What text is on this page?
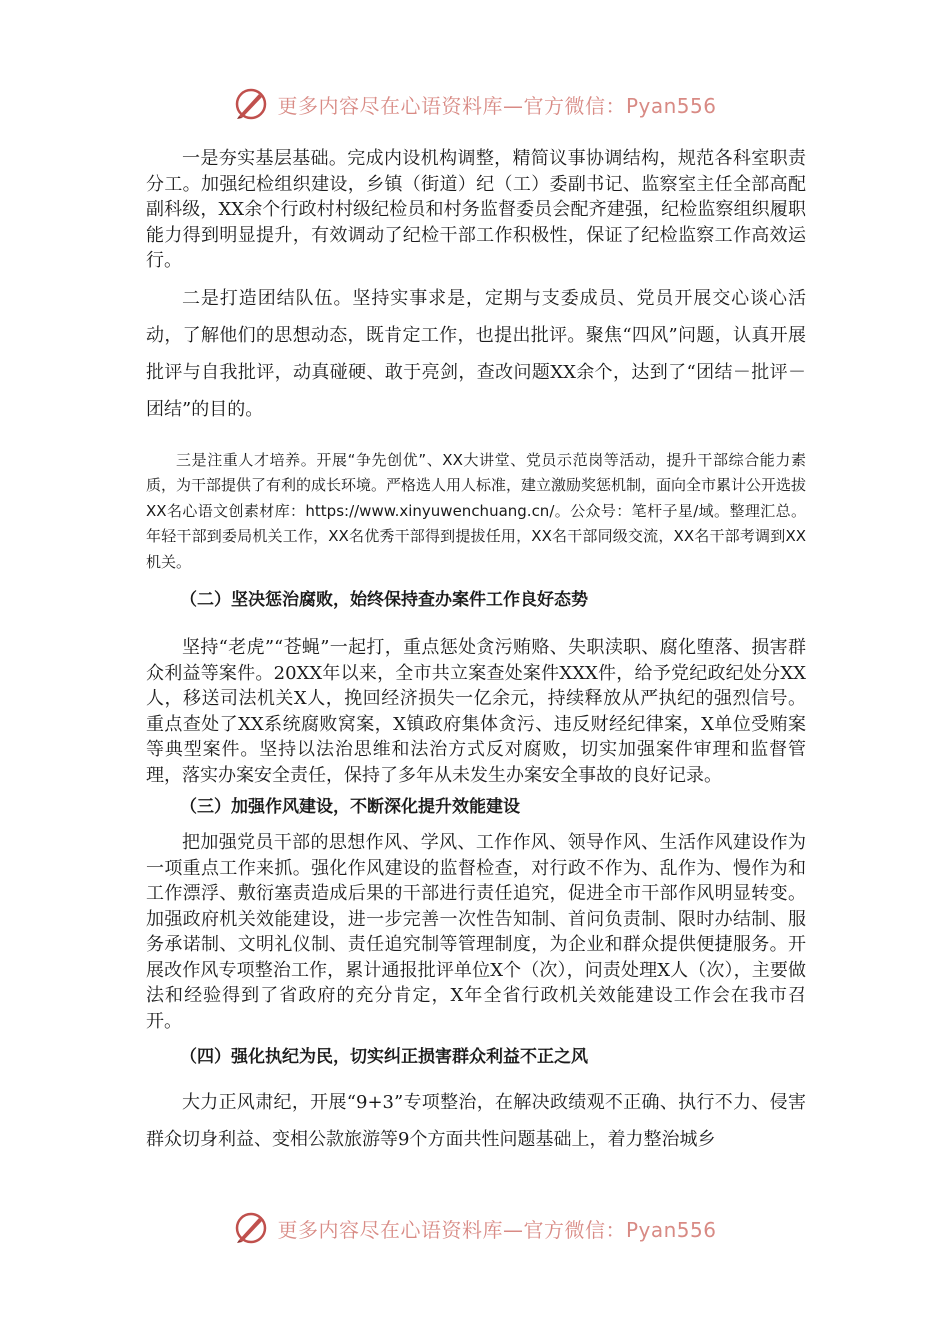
更多内容尽在心语资料库—官方微信：Pyan556

一是夯实基层基础。完成内设机构调整，精简议事协调结构，规范各科室职责分工。加强纪检组织建设，乡镇（街道）纪（工）委副书记、监察室主任全部高配副科级，XX余个行政村村级纪检员和村务监督委员会配齐建强，纪检监察组织履职能力得到明显提升，有效调动了纪检干部工作积极性，保证了纪检监察工作高效运行。

二是打造团结队伍。坚持实事求是，定期与支委成员、党员开展交心谈心活动，了解他们的思想动态，既肯定工作，也提出批评。聚焦“四风”问题，认真开展批评与自我批评，动真碰硬、敢于亮剑，查改问题XX余个，达到了“团结－批评－团结”的目的。

三是注重人才培养。开展“争先创优”、XX大讲堂、党员示范岗等活动，提升干部综合能力素质，为干部提供了有利的成长环境。严格选人用人标准，建立激励奖惩机制，面向全市累计公开选拔XX名心语文创素材库：https://www.xinyuwenchuang.cn/。公众号：笔杆子星/域。整理汇总。年轻干部到委局机关工作，XX名优秀干部得到提拔任用，XX名干部同级交流，XX名干部考调到XX机关。

（二）坚决惩治腐败，始终保持查办案件工作良好态势

坚持“老虎”“苍蝇”一起打，重点惩处贪污贿赂、失职渎职、腐化堕落、损害群众利益等案件。20XX年以来，全市共立案查处案件XXX件，给予党纪政纪处分XX人，移送司法机关X人，挽回经济损失一亿余元，持续释放从严执纪的强烈信号。重点查处了XX系统腐败窝案，X镇政府集体贪污、违反财经纪律案，X单位受贿案等典型案件。坚持以法治思维和法治方式反对腐败，切实加强案件审理和监督管理，落实办案安全责任，保持了多年从未发生办案安全事故的良好记录。

（三）加强作风建设，不断深化提升效能建设

把加强党员干部的思想作风、学风、工作作风、领导作风、生活作风建设作为一项重点工作来抓。强化作风建设的监督检查，对行政不作为、乱作为、慢作为和工作漂浮、敷衍塞责造成后果的干部进行责任追究，促进全市干部作风明显转变。加强政府机关效能建设，进一步完善一次性告知制、首问负责制、限时办结制、服务承诺制、文明礼仪制、责任追究制等管理制度，为企业和群众提供便捷服务。开展改作风专项整治工作，累计通报批评单位X个（次），问责处理X人（次），主要做法和经验得到了省政府的充分肯定，X年全省行政机关效能建设工作会在我市召开。

（四）强化执纪为民，切实纠正损害群众利益不正之风

大力正风肃纪，开展“9+3”专项整治，在解决政绩观不正确、执行不力、侵害群众切身利益、变相公款旅游等9个方面共性问题基础上，着力整治城乡

更多内容尽在心语资料库—官方微信：Pyan556
